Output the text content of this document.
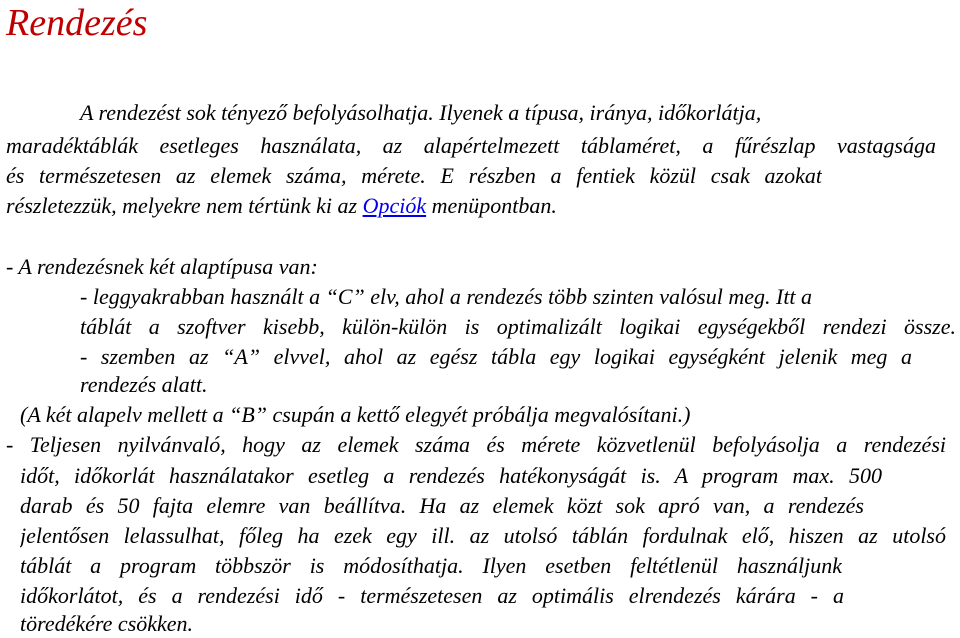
Rendezés
A rendezést sok tényező befolyásolhatja. Ilyenek a típusa, iránya, időkorlátja,
maradéktáblák esetleges használata, az alapértelmezett táblaméret, a fűrészlap vastagsága
és természetesen az elemek száma, mérete. E részben a fentiek közül csak azokat
részletezzük, melyekre nem tértünk ki az Opciók menüpontban.
- A rendezésnek két alaptípusa van:
- leggyakrabban használt a “C” elv, ahol a rendezés több szinten valósul meg. Itt a
táblát a szoftver kisebb, külön-külön is optimalizált logikai egységekből rendezi össze.
- szemben az “A” elvvel, ahol az egész tábla egy logikai egységként jelenik meg a
rendezés alatt.
(A két alapelv mellett a “B” csupán a kettő elegyét próbálja megvalósítani.)
- Teljesen nyilvánvaló, hogy az elemek száma és mérete közvetlenül befolyásolja a rendezési
időt, időkorlát használatakor esetleg a rendezés hatékonyságát is. A program max. 500
darab és 50 fajta elemre van beállítva. Ha az elemek közt sok apró van, a rendezés
jelentősen lelassulhat, főleg ha ezek egy ill. az utolsó táblán fordulnak elő, hiszen az utolsó
táblát a program többször is módosíthatja. Ilyen esetben feltétlenül használjunk
időkorlátot, és a rendezési idő - természetesen az optimális elrendezés kárára - a
töredékére csökken.
